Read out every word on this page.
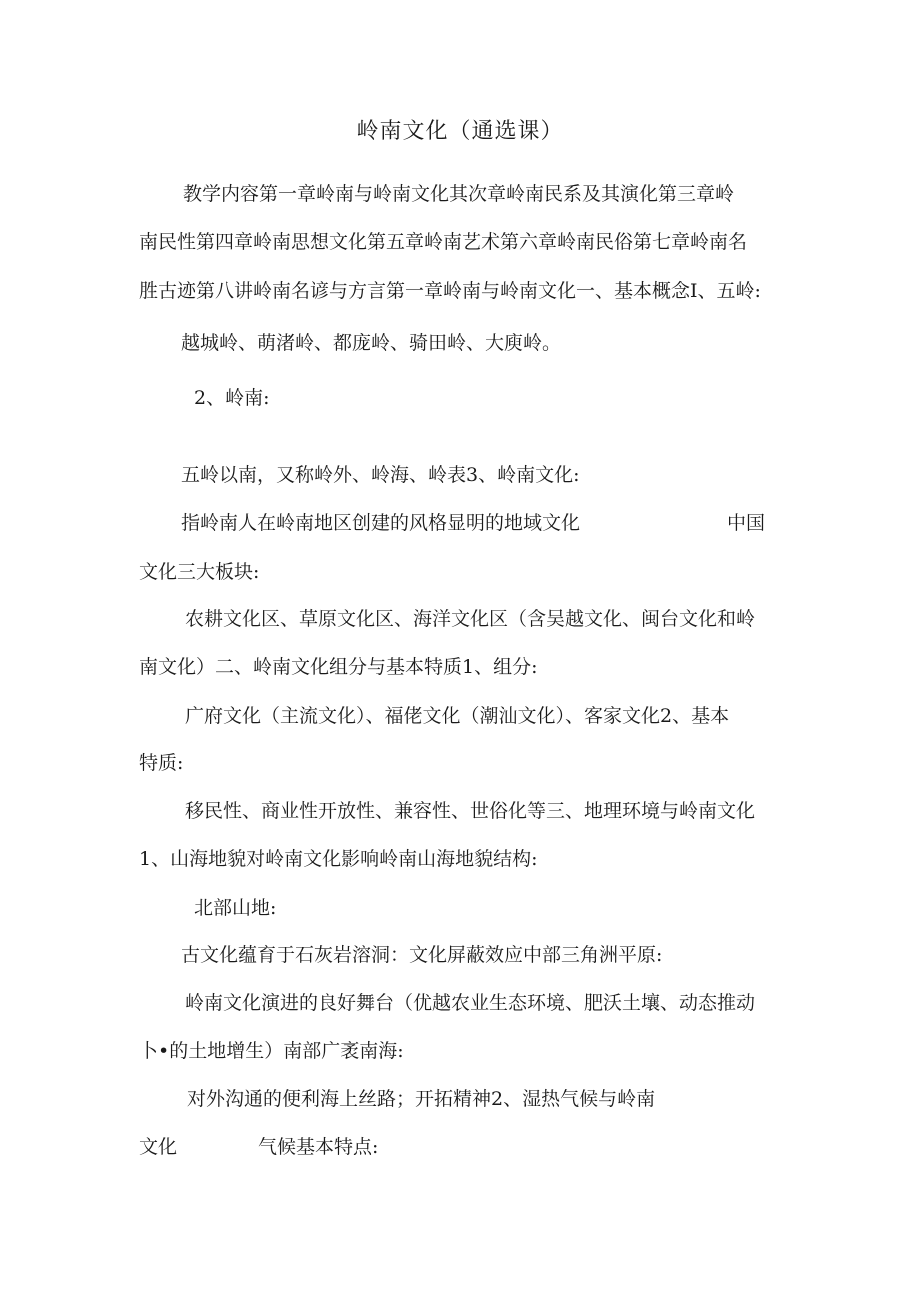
岭南文化（通选课）
教学内容第一章岭南与岭南文化其次章岭南民系及其演化第三章岭
南民性第四章岭南思想文化第五章岭南艺术第六章岭南民俗第七章岭南名
胜古迹第八讲岭南名谚与方言第一章岭南与岭南文化一、基本概念I、五岭:
越城岭、萌渚岭、都庞岭、骑田岭、大庾岭。
2、岭南:
五岭以南，又称岭外、岭海、岭表3、岭南文化:
指岭南人在岭南地区创建的风格显明的地域文化	中国
文化三大板块:
农耕文化区、草原文化区、海洋文化区（含吴越文化、闽台文化和岭
南文化）二、岭南文化组分与基本特质1、组分:
广府文化（主流文化）、福佬文化（潮汕文化）、客家文化2、基本
特质:
移民性、商业性开放性、兼容性、世俗化等三、地理环境与岭南文化
1、山海地貌对岭南文化影响岭南山海地貌结构:
北部山地:
古文化蕴育于石灰岩溶洞：文化屏蔽效应中部三角洲平原:
岭南文化演进的良好舞台（优越农业生态环境、肥沃土壤、动态推动
卜•的土地增生）南部广袤南海:
对外沟通的便利海上丝路；开拓精神2、湿热气候与岭南
文化	气候基本特点:
